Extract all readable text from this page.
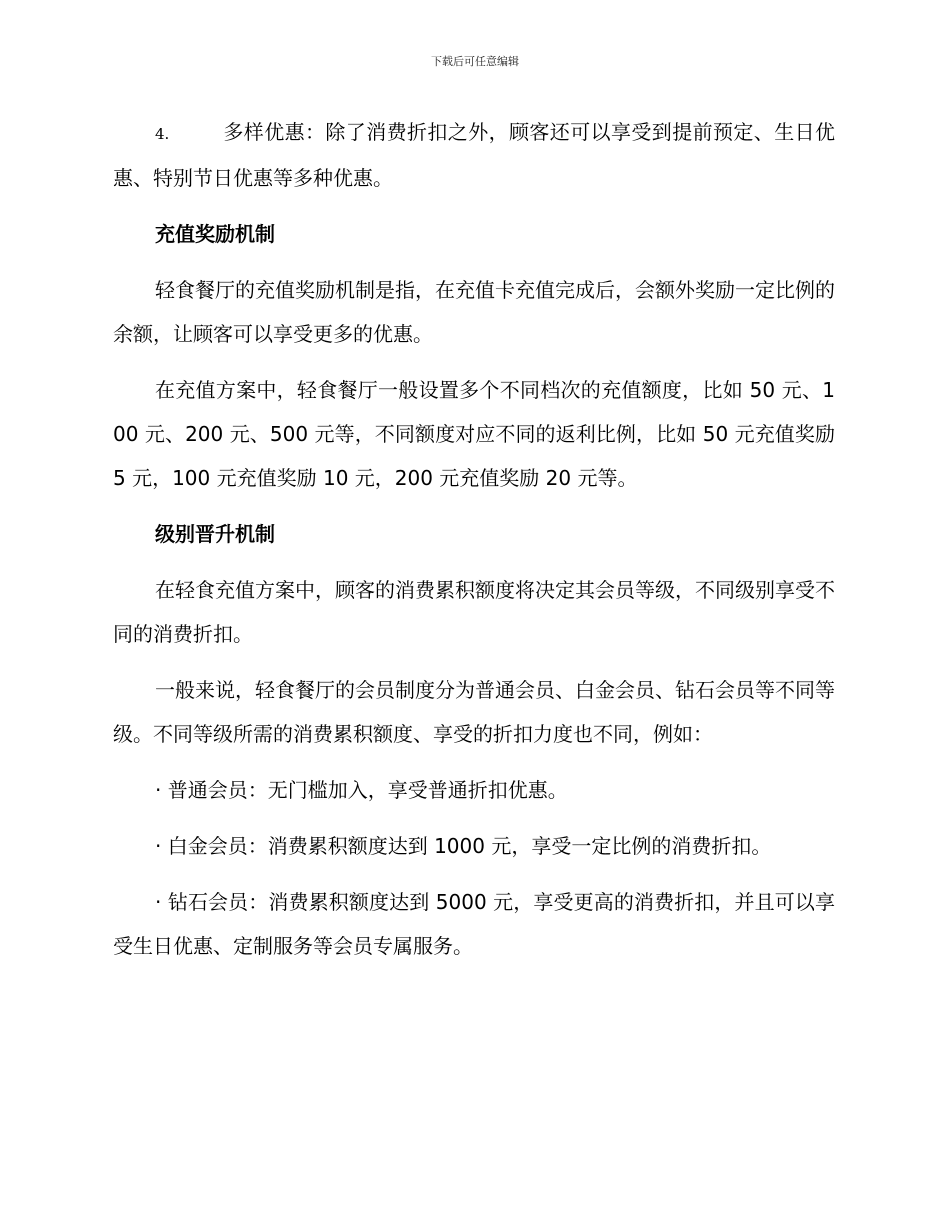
下载后可任意编辑

4.	多样优惠：除了消费折扣之外，顾客还可以享受到提前预定、生日优惠、特别节日优惠等多种优惠。

充值奖励机制

轻食餐厅的充值奖励机制是指，在充值卡充值完成后，会额外奖励一定比例的余额，让顾客可以享受更多的优惠。

在充值方案中，轻食餐厅一般设置多个不同档次的充值额度，比如 50 元、100 元、200 元、500 元等，不同额度对应不同的返利比例，比如 50 元充值奖励 5 元，100 元充值奖励 10 元，200 元充值奖励 20 元等。

级别晋升机制

在轻食充值方案中，顾客的消费累积额度将决定其会员等级，不同级别享受不同的消费折扣。

一般来说，轻食餐厅的会员制度分为普通会员、白金会员、钻石会员等不同等级。不同等级所需的消费累积额度、享受的折扣力度也不同，例如：

· 普通会员：无门槛加入，享受普通折扣优惠。

· 白金会员：消费累积额度达到 1000 元，享受一定比例的消费折扣。

· 钻石会员：消费累积额度达到 5000 元，享受更高的消费折扣，并且可以享受生日优惠、定制服务等会员专属服务。
